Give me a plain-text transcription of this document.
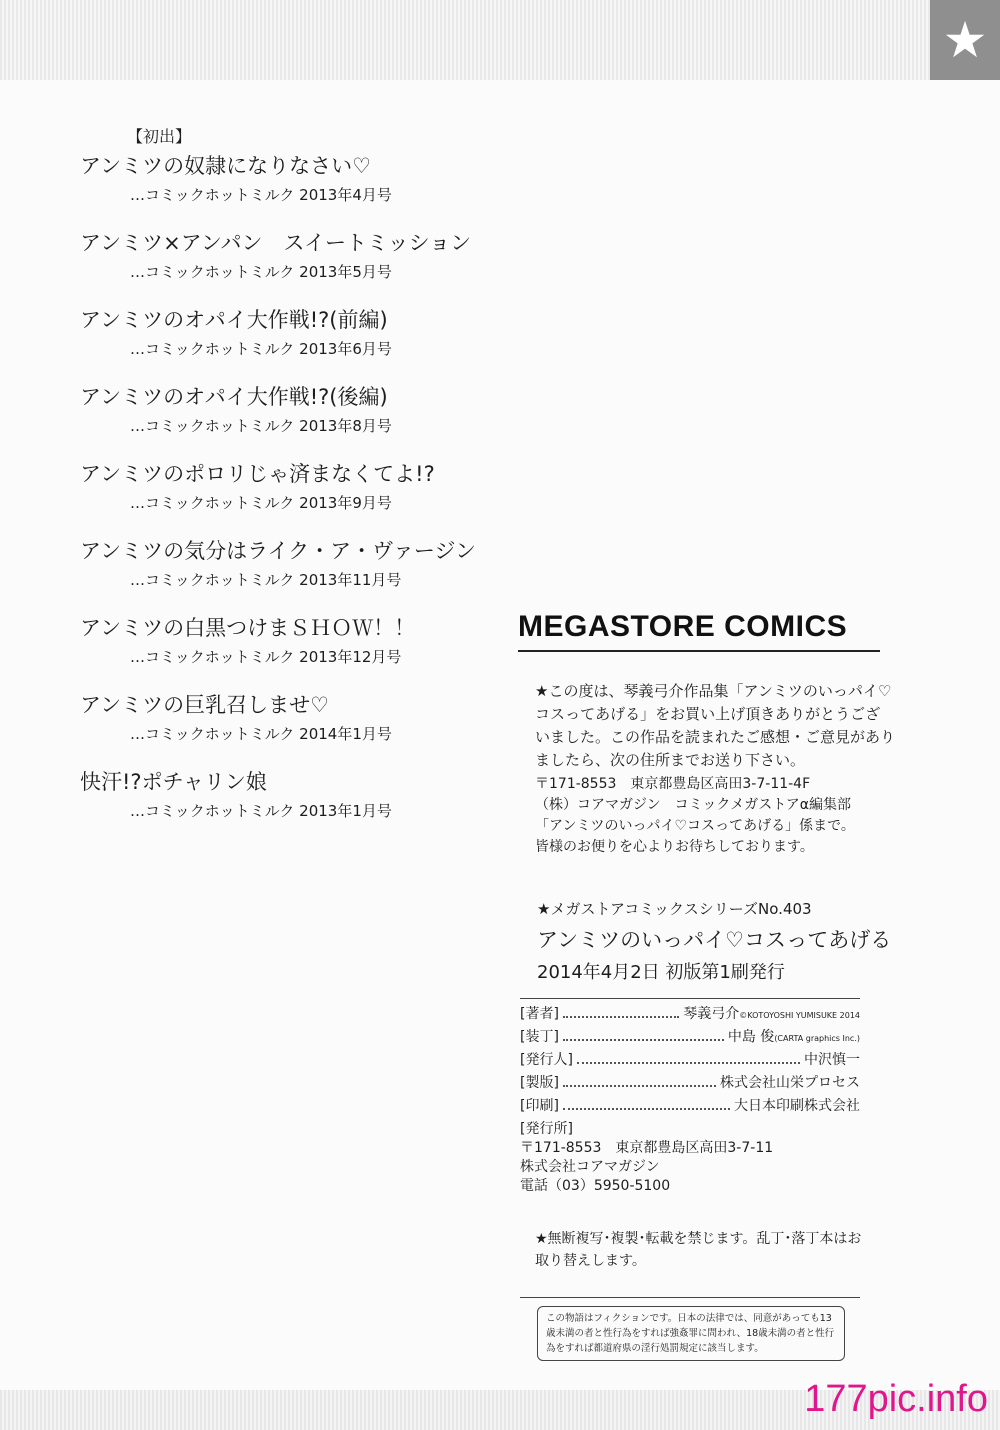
★
【初出】
アンミツの奴隷になりなさい♡
…コミックホットミルク 2013年4月号
アンミツ×アンパン　スイートミッション
…コミックホットミルク 2013年5月号
アンミツのオパイ大作戦!?(前編)
…コミックホットミルク 2013年6月号
アンミツのオパイ大作戦!?(後編)
…コミックホットミルク 2013年8月号
アンミツのポロリじゃ済まなくてよ!?
…コミックホットミルク 2013年9月号
アンミツの気分はライク・ア・ヴァージン
…コミックホットミルク 2013年11月号
アンミツの白黒つけまＳＨＯＷ！！
…コミックホットミルク 2013年12月号
アンミツの巨乳召しませ♡
…コミックホットミルク 2014年1月号
快汗!?ポチャリン娘
…コミックホットミルク 2013年1月号
MEGASTORE COMICS
★この度は、琴義弓介作品集「アンミツのいっパイ♡コスってあげる」をお買い上げ頂きありがとうございました。この作品を読まれたご感想・ご意見がありましたら、次の住所までお送り下さい。
〒171-8553　東京都豊島区高田3-7-11-4F
（株）コアマガジン　コミックメガストアα編集部
「アンミツのいっパイ♡コスってあげる」係まで。
皆様のお便りを心よりお待ちしております。
★メガストアコミックスシリーズNo.403
アンミツのいっパイ♡コスってあげる
2014年4月2日 初版第1刷発行
[著者]	琴義弓介©KOTOYOSHI YUMISUKE 2014
[装丁]	中島 俊(CARTA graphics Inc.)
[発行人]	中沢慎一
[製版]	株式会社山栄プロセス
[印刷]	大日本印刷株式会社
[発行所]
〒171-8553　東京都豊島区高田3-7-11
株式会社コアマガジン
電話（03）5950-5100
★無断複写･複製･転載を禁じます。乱丁･落丁本はお取り替えします。
この物語はフィクションです。日本の法律では、同意があっても13歳未満の者と性行為をすれば強姦罪に問われ、18歳未満の者と性行為をすれば都道府県の淫行処罰規定に該当します。
177pic.info
